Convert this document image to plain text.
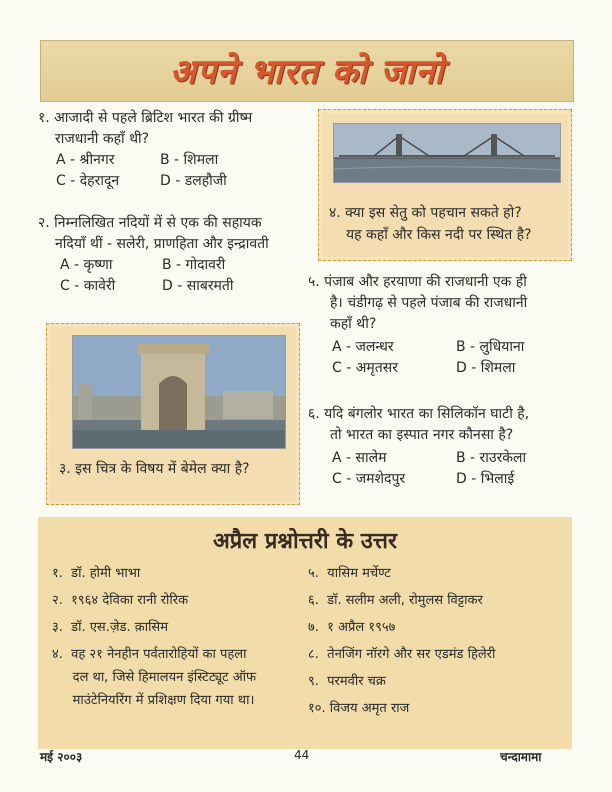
अपने भारत को जानो
१. आजादी से पहले ब्रिटिश भारत की ग्रीष्म
राजधानी कहाँ थी?
A - श्रीनगर	B - शिमला
C - देहरादून	D - डलहौजी
२. निम्नलिखित नदियों में से एक की सहायक
नदियाँ थीं - सलेरी, प्राणहिता और इन्द्रावती
A - कृष्णा	B - गोदावरी
C - कावेरी	D - साबरमती
४. क्या इस सेतु को पहचान सकते हो?
यह कहाँ और किस नदी पर स्थित है?
३. इस चित्र के विषय में बेमेल क्या है?
५. पंजाब और हरयाणा की राजधानी एक ही
है। चंडीगढ़ से पहले पंजाब की राजधानी
कहाँ थी?
A - जलन्धर	B - लुधियाना
C - अमृतसर	D - शिमला
६. यदि बंगलोर भारत का सिलिकॉन घाटी है,
तो भारत का इस्पात नगर कौनसा है?
A - सालेम	B - राउरकेला
C - जमशेदपुर	D - भिलाई
अप्रैल प्रश्नोत्तरी के उत्तर
१.  डॉ. होमी भाभा
२.  १९६४ देविका रानी रोरिक
३.  डॉ. एस.ज़ेड. क़ासिम
४.  वह २१ नेनहीन पर्वतारोहियों का पहला
दल था, जिसे हिमालयन इंस्टिट्यूट ऑफ
माउंटेनियरिंग में प्रशिक्षण दिया गया था।
५.  यासिम मर्चेण्ट
६.  डॉ. सलीम अली, रोमुलस विट्टाकर
७.  १ अप्रैल १९५७
८.  तेनजिंग नॉरगे और सर एडमंड हिलेरी
९.  परमवीर चक्र
१०. विजय अमृत राज
मई २००३	44	चन्दामामा
